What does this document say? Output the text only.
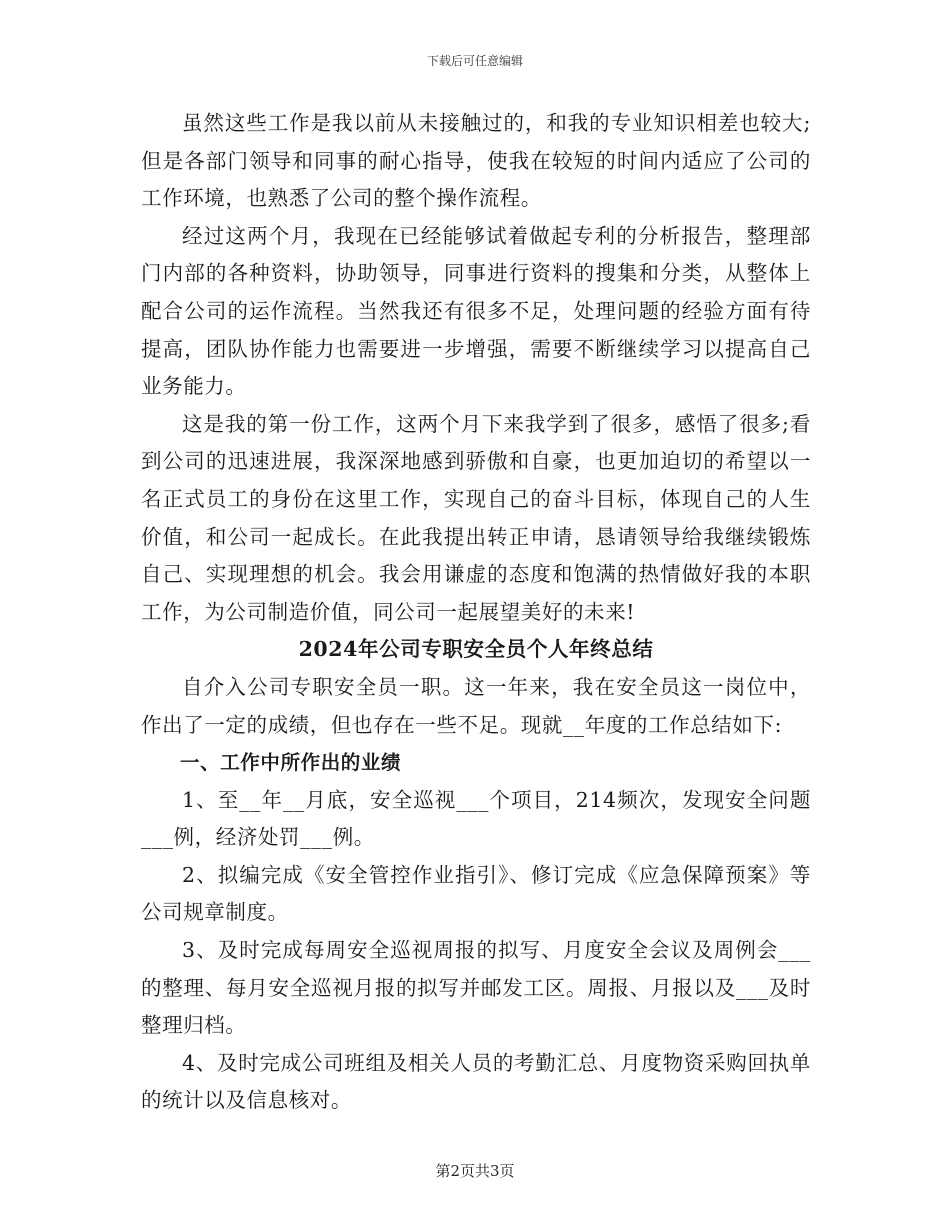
下载后可任意编辑

虽然这些工作是我以前从未接触过的，和我的专业知识相差也较大;但是各部门领导和同事的耐心指导，使我在较短的时间内适应了公司的工作环境，也熟悉了公司的整个操作流程。

经过这两个月，我现在已经能够试着做起专利的分析报告，整理部门内部的各种资料，协助领导，同事进行资料的搜集和分类，从整体上配合公司的运作流程。当然我还有很多不足，处理问题的经验方面有待提高，团队协作能力也需要进一步增强，需要不断继续学习以提高自己业务能力。

这是我的第一份工作，这两个月下来我学到了很多，感悟了很多;看到公司的迅速进展，我深深地感到骄傲和自豪，也更加迫切的希望以一名正式员工的身份在这里工作，实现自己的奋斗目标，体现自己的人生价值，和公司一起成长。在此我提出转正申请，恳请领导给我继续锻炼自己、实现理想的机会。我会用谦虚的态度和饱满的热情做好我的本职工作，为公司制造价值，同公司一起展望美好的未来!

2024年公司专职安全员个人年终总结

自介入公司专职安全员一职。这一年来，我在安全员这一岗位中，作出了一定的成绩，但也存在一些不足。现就__年度的工作总结如下:

一、工作中所作出的业绩

1、至__年__月底，安全巡视___个项目，214频次，发现安全问题___例，经济处罚___例。

2、拟编完成《安全管控作业指引》、修订完成《应急保障预案》等公司规章制度。

3、及时完成每周安全巡视周报的拟写、月度安全会议及周例会___的整理、每月安全巡视月报的拟写并邮发工区。周报、月报以及___及时整理归档。

4、及时完成公司班组及相关人员的考勤汇总、月度物资采购回执单的统计以及信息核对。

第2页共3页
